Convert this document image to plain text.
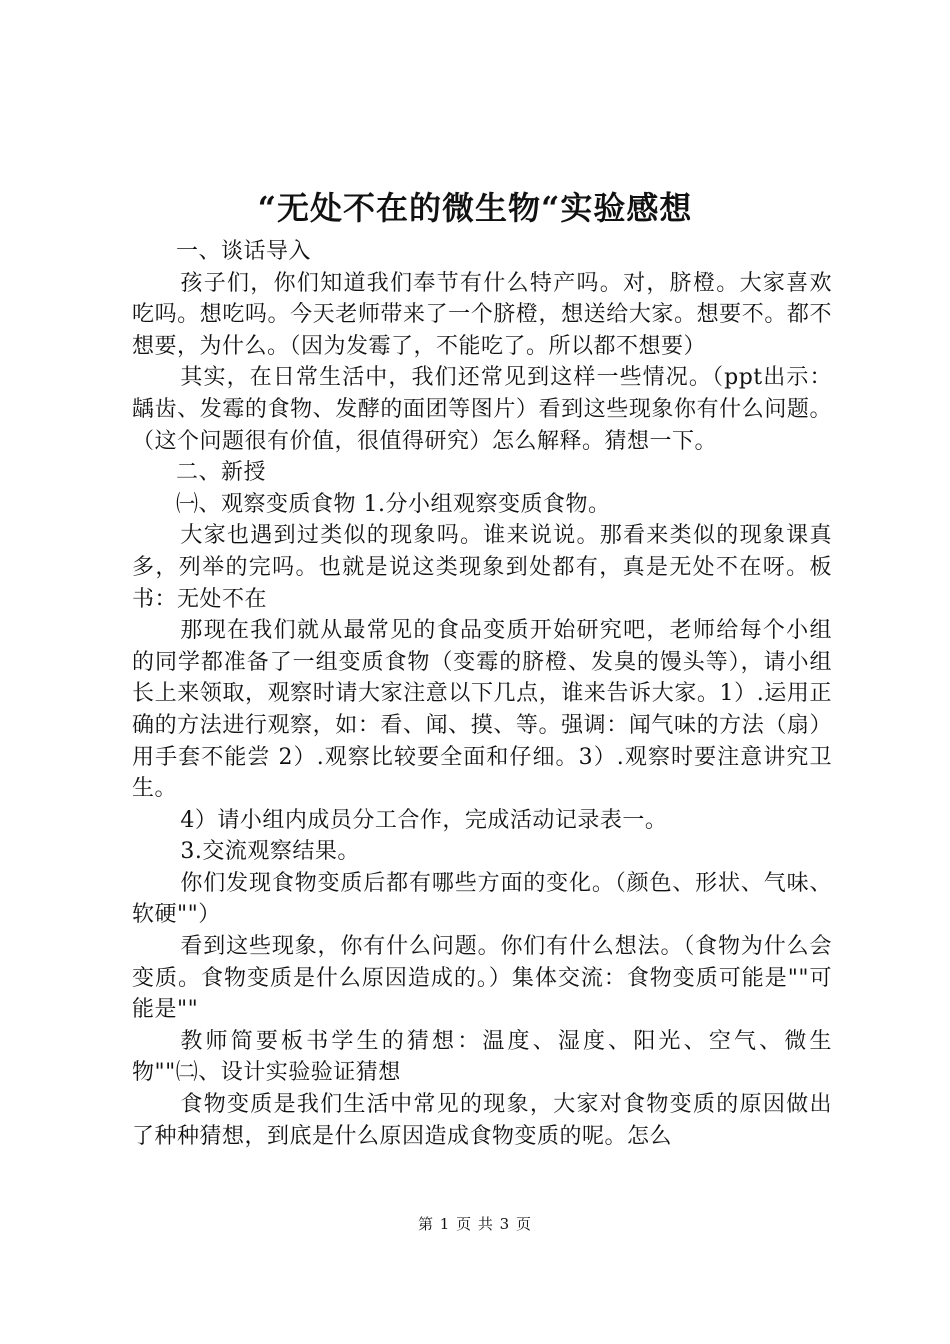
“无处不在的微生物“实验感想

一、谈话导入

孩子们，你们知道我们奉节有什么特产吗。对，脐橙。大家喜欢吃吗。想吃吗。今天老师带来了一个脐橙，想送给大家。想要不。都不想要，为什么。（因为发霉了，不能吃了。所以都不想要）

其实，在日常生活中，我们还常见到这样一些情况。（ppt出示：龋齿、发霉的食物、发酵的面团等图片）看到这些现象你有什么问题。（这个问题很有价值，很值得研究）怎么解释。猜想一下。

二、新授

㈠、观察变质食物 1.分小组观察变质食物。

大家也遇到过类似的现象吗。谁来说说。那看来类似的现象课真多，列举的完吗。也就是说这类现象到处都有，真是无处不在呀。板书：无处不在

那现在我们就从最常见的食品变质开始研究吧，老师给每个小组的同学都准备了一组变质食物（变霉的脐橙、发臭的馒头等），请小组长上来领取，观察时请大家注意以下几点，谁来告诉大家。1）.运用正确的方法进行观察，如：看、闻、摸、等。强调：闻气味的方法（扇）用手套不能尝 2）.观察比较要全面和仔细。3）.观察时要注意讲究卫生。

4）请小组内成员分工合作，完成活动记录表一。

3.交流观察结果。

你们发现食物变质后都有哪些方面的变化。（颜色、形状、气味、软硬""）

看到这些现象，你有什么问题。你们有什么想法。（食物为什么会变质。食物变质是什么原因造成的。）集体交流：食物变质可能是""可能是""

教师简要板书学生的猜想：温度、湿度、阳光、空气、微生物""㈡、设计实验验证猜想

食物变质是我们生活中常见的现象，大家对食物变质的原因做出了种种猜想，到底是什么原因造成食物变质的呢。怎么

第 1 页 共 3 页
